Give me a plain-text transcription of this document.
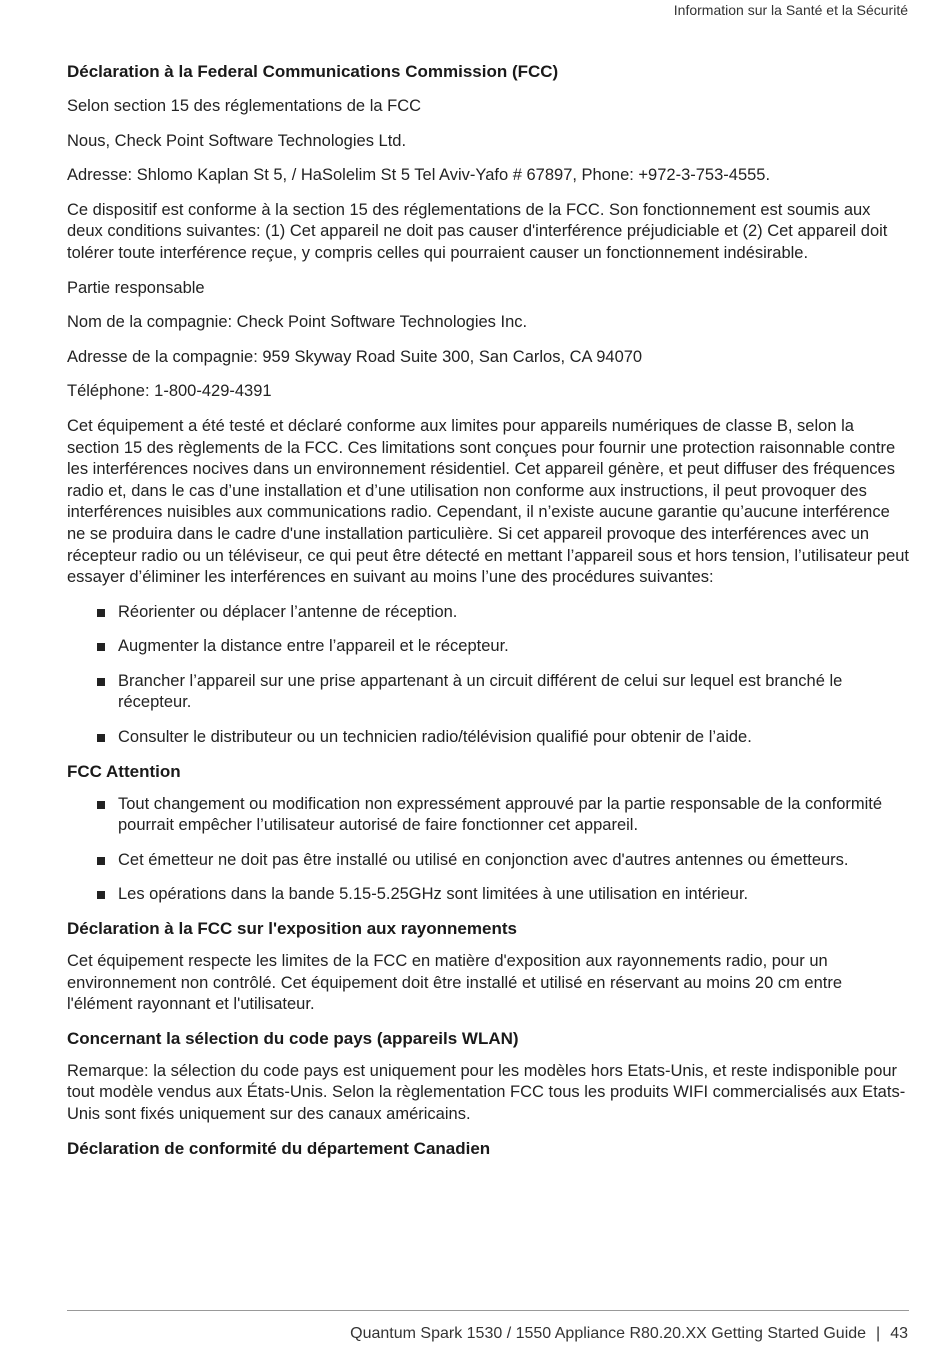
Information sur la Santé et la Sécurité
Déclaration à la Federal Communications Commission (FCC)

Selon section 15 des réglementations de la FCC

Nous, Check Point Software Technologies Ltd.

Adresse: Shlomo Kaplan St 5, / HaSolelim St 5 Tel Aviv-Yafo # 67897, Phone: +972-3-753-4555.

Ce dispositif est conforme à la section 15 des réglementations de la FCC. Son fonctionnement est soumis aux deux conditions suivantes: (1) Cet appareil ne doit pas causer d'interférence préjudiciable et (2) Cet appareil doit tolérer toute interférence reçue, y compris celles qui pourraient causer un fonctionnement indésirable.

Partie responsable

Nom de la compagnie: Check Point Software Technologies Inc.

Adresse de la compagnie: 959 Skyway Road Suite 300, San Carlos, CA 94070

Téléphone: 1-800-429-4391

Cet équipement a été testé et déclaré conforme aux limites pour appareils numériques de classe B, selon la section 15 des règlements de la FCC. Ces limitations sont conçues pour fournir une protection raisonnable contre les interférences nocives dans un environnement résidentiel. Cet appareil génère, et peut diffuser des fréquences radio et, dans le cas d’une installation et d’une utilisation non conforme aux instructions, il peut provoquer des interférences nuisibles aux communications radio. Cependant, il n’existe aucune garantie qu’aucune interférence ne se produira dans le cadre d'une installation particulière. Si cet appareil provoque des interférences avec un récepteur radio ou un téléviseur, ce qui peut être détecté en mettant l’appareil sous et hors tension, l’utilisateur peut essayer d’éliminer les interférences en suivant au moins l’une des procédures suivantes:

Réorienter ou déplacer l’antenne de réception.
Augmenter la distance entre l’appareil et le récepteur.
Brancher l’appareil sur une prise appartenant à un circuit différent de celui sur lequel est branché le récepteur.
Consulter le distributeur ou un technicien radio/télévision qualifié pour obtenir de l’aide.
FCC Attention
Tout changement ou modification non expressément approuvé par la partie responsable de la conformité pourrait empêcher l’utilisateur autorisé de faire fonctionner cet appareil.
Cet émetteur ne doit pas être installé ou utilisé en conjonction avec d'autres antennes ou émetteurs.
Les opérations dans la bande 5.15-5.25GHz sont limitées à une utilisation en intérieur.
Déclaration à la FCC sur l'exposition aux rayonnements

Cet équipement respecte les limites de la FCC en matière d'exposition aux rayonnements radio, pour un environnement non contrôlé. Cet équipement doit être installé et utilisé en réservant au moins 20 cm entre l'élément rayonnant et l'utilisateur.

Concernant la sélection du code pays (appareils WLAN)

Remarque: la sélection du code pays est uniquement pour les modèles hors Etats-Unis, et reste indisponible pour tout modèle vendus aux États-Unis. Selon la règlementation FCC tous les produits WIFI commercialisés aux Etats-Unis sont fixés uniquement sur des canaux américains.

Déclaration de conformité du département Canadien
Quantum Spark 1530 / 1550 Appliance R80.20.XX Getting Started Guide | 43
